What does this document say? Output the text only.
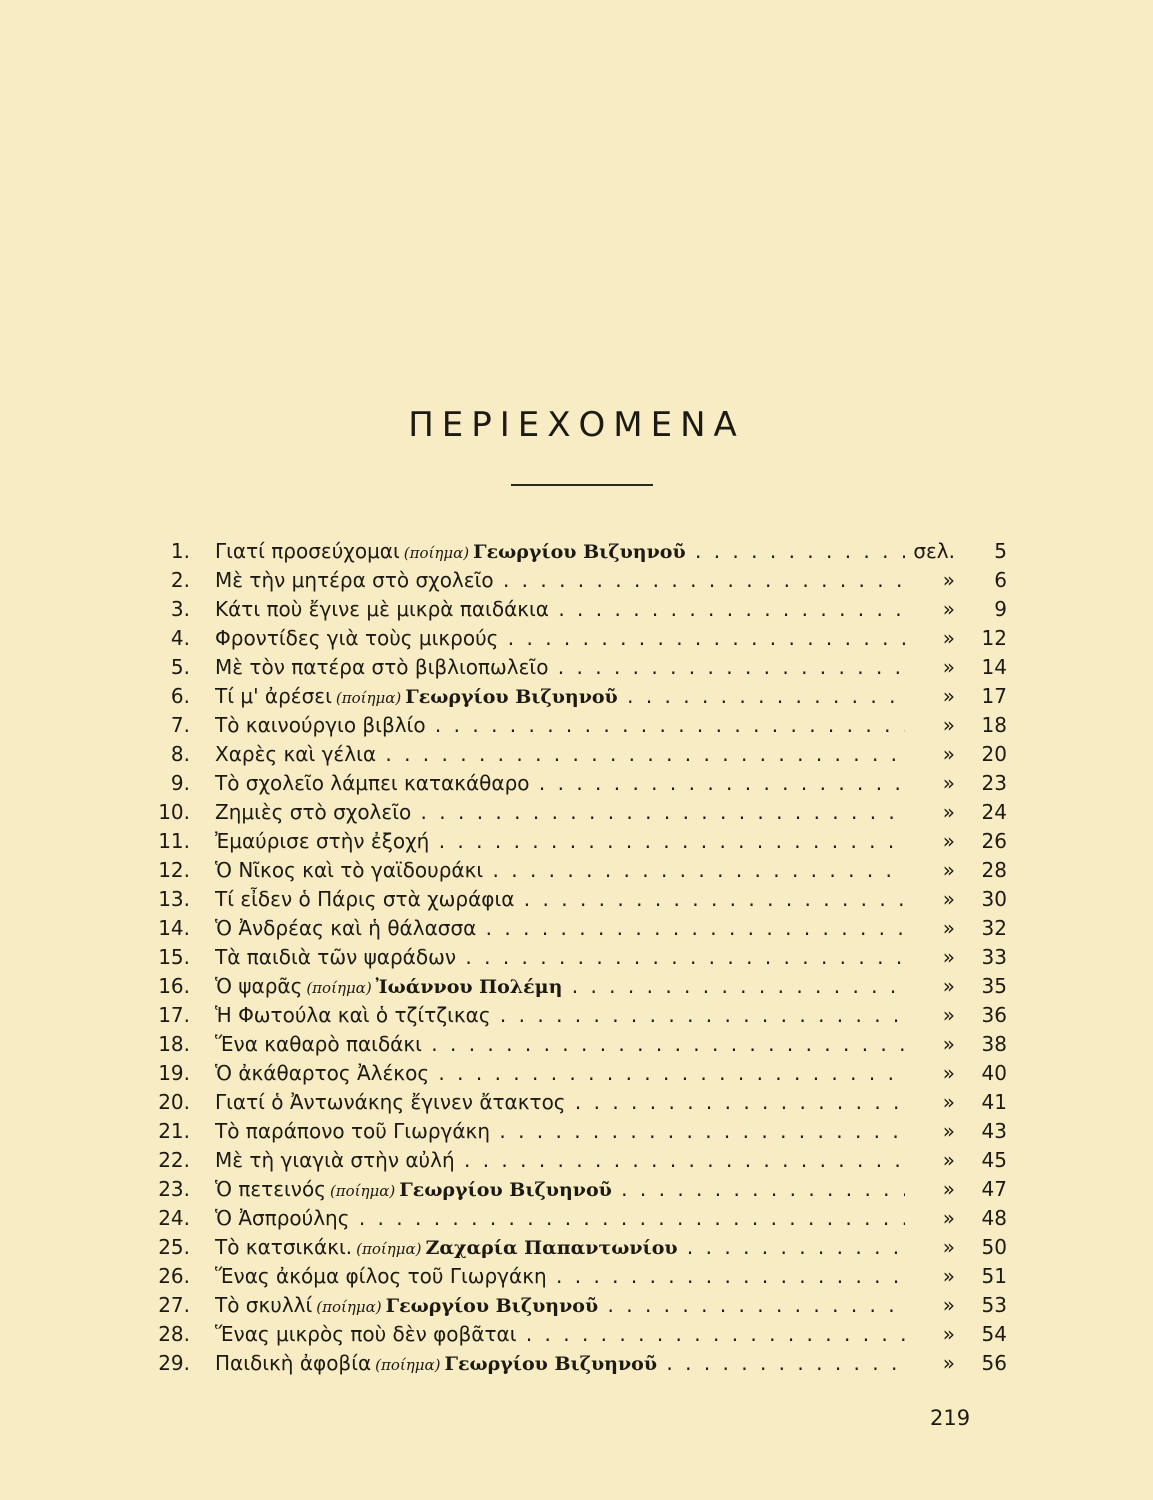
ΠΕΡΙΕΧΟΜΕΝΑ
1. Γιατί προσεύχομαι (ποίημα) Γεωργίου Βιζυηνοῦ . . .	σελ.	5
2. Μὲ τὴν μητέρα στὸ σχολεῖο . . .	»	6
3. Κάτι ποὺ ἔγινε μὲ μικρὰ παιδάκια . . .	»	9
4. Φροντίδες γιὰ τοὺς μικρούς . . .	»	12
5. Μὲ τὸν πατέρα στὸ βιβλιοπωλεῖο . . .	»	14
6. Τί μ' ἀρέσει (ποίημα) Γεωργίου Βιζυηνοῦ . . .	»	17
7. Τὸ καινούργιο βιβλίο . . .	»	18
8. Χαρὲς καὶ γέλια . . .	»	20
9. Τὸ σχολεῖο λάμπει κατακάθαρο . . .	»	23
10. Ζημιὲς στὸ σχολεῖο . . .	»	24
11. Ἐμαύρισε στὴν ἐξοχή . . .	»	26
12. Ὁ Νῖκος καὶ τὸ γαϊδουράκι . . .	»	28
13. Τί εἶδεν ὁ Πάρις στὰ χωράφια . . .	»	30
14. Ὁ Ἀνδρέας καὶ ἡ θάλασσα . . .	»	32
15. Τὰ παιδιὰ τῶν ψαράδων . . .	»	33
16. Ὁ ψαρᾶς (ποίημα) Ἰωάννου Πολέμη . . .	»	35
17. Ἡ Φωτούλα καὶ ὁ τζίτζικας . . .	»	36
18. Ἕνα καθαρὸ παιδάκι . . .	»	38
19. Ὁ ἀκάθαρτος Ἀλέκος . . .	»	40
20. Γιατί ὁ Ἀντωνάκης ἔγινεν ἄτακτος . . .	»	41
21. Τὸ παράπονο τοῦ Γιωργάκη . . .	»	43
22. Μὲ τὴ γιαγιὰ στὴν αὐλή . . .	»	45
23. Ὁ πετεινός (ποίημα) Γεωργίου Βιζυηνοῦ . . .	»	47
24. Ὁ Ἀσπρούλης . . .	»	48
25. Τὸ κατσικάκι. (ποίημα) Ζαχαρία Παπαντωνίου . . .	»	50
26. Ἕνας ἀκόμα φίλος τοῦ Γιωργάκη . . .	»	51
27. Τὸ σκυλλί (ποίημα) Γεωργίου Βιζυηνοῦ . . .	»	53
28. Ἕνας μικρὸς ποὺ δὲν φοβᾶται . . .	»	54
29. Παιδικὴ ἀφοβία (ποίημα) Γεωργίου Βιζυηνοῦ . . .	»	56
219
